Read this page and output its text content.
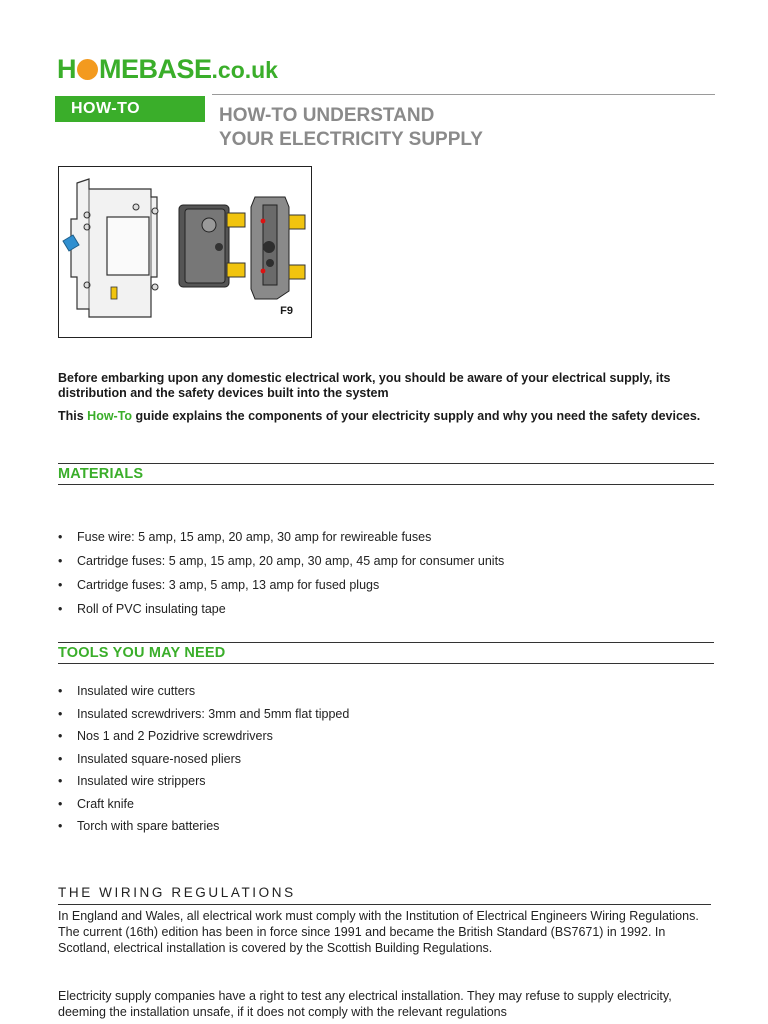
H MEBASE.co.uk
HOW-TO	HOW-TO UNDERSTAND
YOUR ELECTRICITY SUPPLY
F9

Before embarking upon any domestic electrical work, you should be aware of your electrical supply, its distribution and the safety devices built into the system

This How-To guide explains the components of your electricity supply and why you need the safety devices.

MATERIALS
• Fuse wire: 5 amp, 15 amp, 20 amp, 30 amp for rewireable fuses
• Cartridge fuses: 5 amp, 15 amp, 20 amp, 30 amp, 45 amp for consumer units
• Cartridge fuses: 3 amp, 5 amp, 13 amp for fused plugs
• Roll of PVC insulating tape
TOOLS YOU MAY NEED
• Insulated wire cutters
• Insulated screwdrivers: 3mm and 5mm flat tipped
• Nos 1 and 2 Pozidrive screwdrivers
• Insulated square-nosed pliers
• Insulated wire strippers
• Craft knife
• Torch with spare batteries
THE WIRING REGULATIONS

In England and Wales, all electrical work must comply with the Institution of Electrical Engineers Wiring Regulations. The current (16th) edition has been in force since 1991 and became the British Standard (BS7671) in 1992. In Scotland, electrical installation is covered by the Scottish Building Regulations.

Electricity supply companies have a right to test any electrical installation. They may refuse to supply electricity, deeming the installation unsafe, if it does not comply with the relevant regulations
